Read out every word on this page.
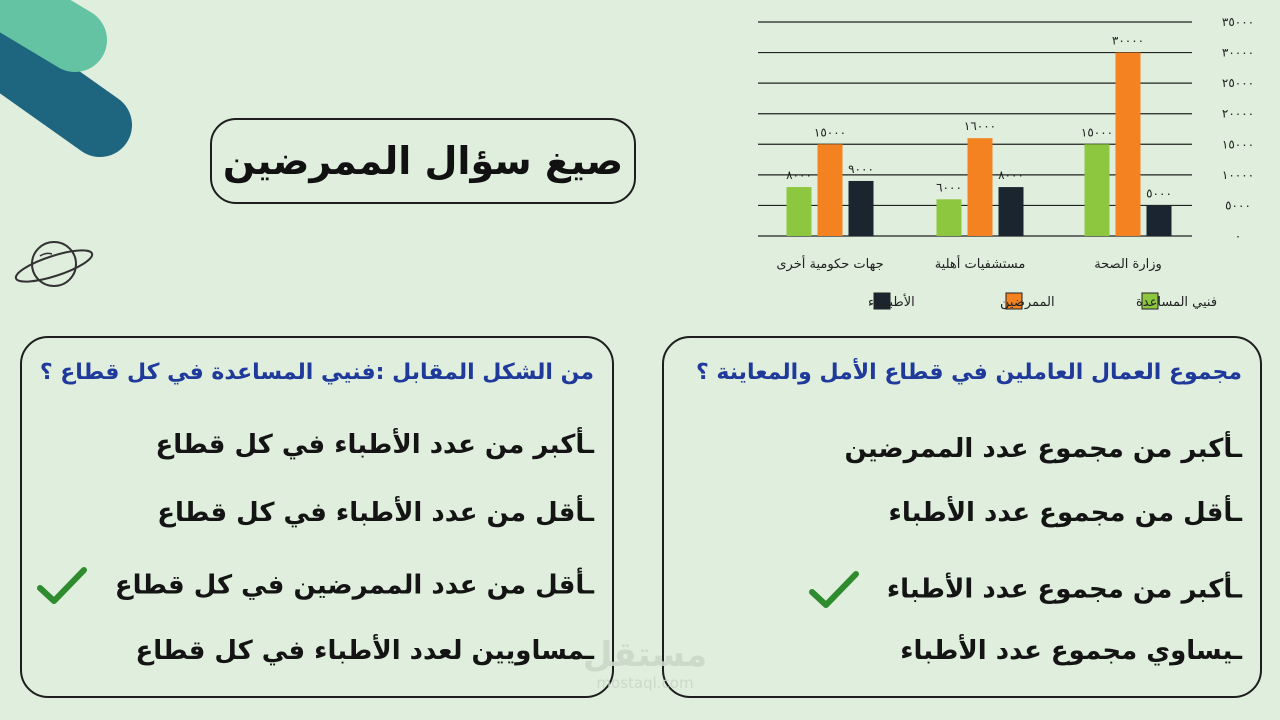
صيغ سؤال الممرضين
٠
٥٠٠٠
١٠٠٠٠
١٥٠٠٠
٢٠٠٠٠
٢٥٠٠٠
٣٠٠٠٠
٣٥٠٠٠
١٥٠٠٠
٣٠٠٠٠
٥٠٠٠
وزارة الصحة
٦٠٠٠
١٦٠٠٠
٨٠٠٠
مستشفيات أهلية
٨٠٠٠
١٥٠٠٠
٩٠٠٠
جهات حكومية أخرى
فنيي المساعدة
الممرضين
الأطبـــاء
مجموع العمال العاملين في قطاع الأمل والمعاينة ؟
ـأكبر من مجموع عدد الممرضين
ـأقل من مجموع عدد الأطباء
ـأكبر من مجموع عدد الأطباء
ـيساوي مجموع عدد الأطباء
من الشكل المقابل :فنيي المساعدة في كل قطاع ؟
ـأكبر من عدد الأطباء في كل قطاع
ـأقل من عدد الأطباء في كل قطاع
ـأقل من عدد الممرضين في كل قطاع
ـمساويين لعدد الأطباء في كل قطاع
مستقل
mostaql.com
